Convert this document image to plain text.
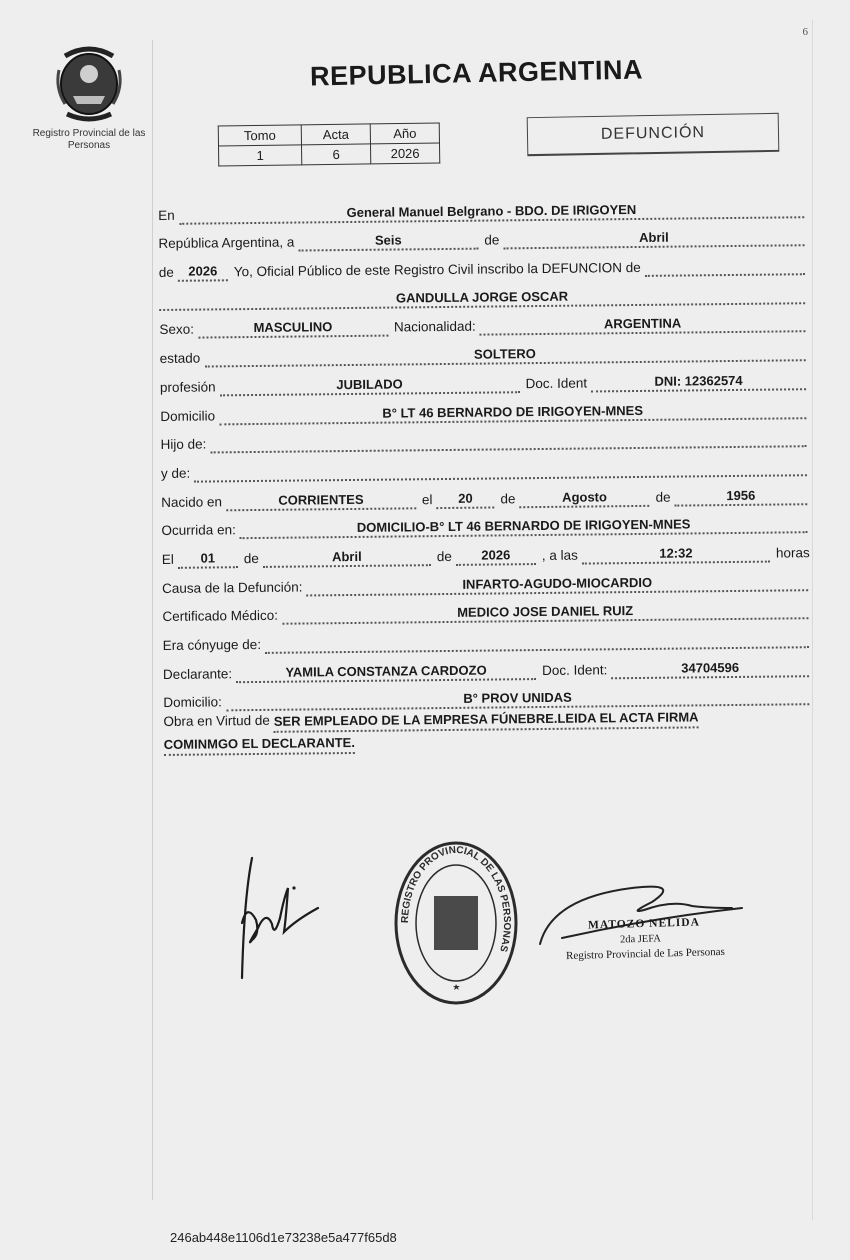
6
Registro Provincial de las Personas
REPUBLICA ARGENTINA
Tomo	Acta	Año
1	6	2026
DEFUNCIÓN
En	General Manuel Belgrano - BDO. DE IRIGOYEN
República Argentina, a	Seis	de	Abril
de	2026	Yo, Oficial Público de este Registro Civil inscribo la DEFUNCION de
GANDULLA JORGE OSCAR
Sexo:	MASCULINO	Nacionalidad:	ARGENTINA
estado	SOLTERO
profesión	JUBILADO	Doc. Ident	DNI: 12362574
Domicilio	B° LT 46 BERNARDO DE IRIGOYEN-MNES
Hijo de:
y de:
Nacido en	CORRIENTES	el	20	de	Agosto	de	1956
Ocurrida en:	DOMICILIO-B° LT 46 BERNARDO DE IRIGOYEN-MNES
El	01	de	Abril	de	2026	, a las	12:32	horas
Causa de la Defunción:	INFARTO-AGUDO-MIOCARDIO
Certificado Médico:	MEDICO JOSE DANIEL RUIZ
Era cónyuge de:
Declarante:	YAMILA CONSTANZA CARDOZO	Doc. Ident:	34704596
Domicilio:	B° PROV UNIDAS
Obra en Virtud de SER EMPLEADO DE LA EMPRESA FÚNEBRE.LEIDA EL ACTA FIRMA
COMINMGO EL DECLARANTE.
REGISTRO PROVINCIAL DE LAS PERSONAS
MATOZO NELIDA
2da JEFA
Registro Provincial de Las Personas
246ab448e1106d1e73238e5a477f65d8
